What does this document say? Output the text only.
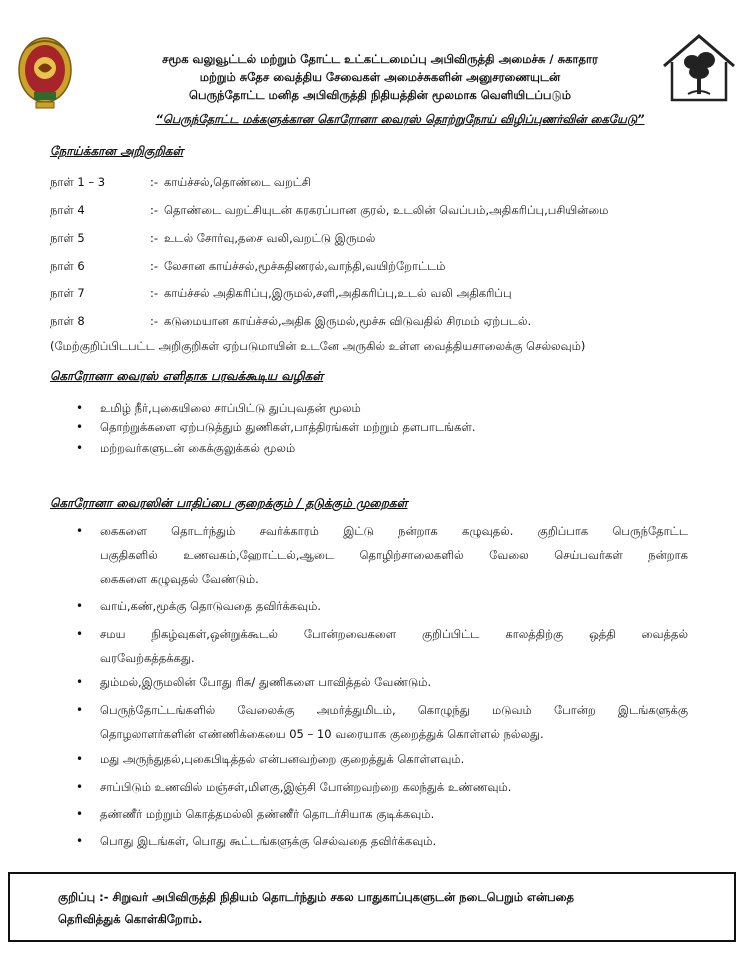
சமூக வலுவூட்டல் மற்றும் தோட்ட உட்கட்டமைப்பு அபிவிருத்தி அமைச்சு / சுகாதார
மற்றும் சுதேச வைத்திய சேவைகள் அமைச்சுகளின் அனுசரணையுடன்
பெருந்தோட்ட மனித அபிவிருத்தி நிதியத்தின் மூலமாக வெளியிடப்படும்
“பெருந்தோட்ட மக்களுக்கான கொரோனா வைரஸ் தொற்றுநோய் விழிப்புணர்வின் கையேடு”
நோய்க்கான அறிகுறிகள்
நாள் 1 – 3	:- காய்ச்சல்,தொண்டை வறட்சி
நாள் 4	:- தொண்டை வறட்சியுடன் கரகரப்பான குரல், உடலின் வெப்பம்,அதிகரிப்பு,பசியின்மை
நாள் 5	:- உடல் சோர்வு,தசை வலி,வறட்டு இருமல்
நாள் 6	:- லேசான காய்ச்சல்,மூச்சுதிணரல்,வாந்தி,வயிற்றோட்டம்
நாள் 7	:- காய்ச்சல் அதிகரிப்பு,இருமல்,சளி,அதிகரிப்பு,உடல் வலி அதிகரிப்பு
நாள் 8	:- கடுமையான காய்ச்சல்,அதிக இருமல்,மூச்சு விடுவதில் சிரமம் ஏற்படல்.
(மேற்குறிப்பிடபட்ட அறிகுறிகள் ஏற்படுமாயின் உடனே அருகில் உள்ள வைத்தியசாலைக்கு செல்லவும்)
கொரோனா வைரஸ் எளிதாக பரவக்கூடிய வழிகள்
• உமிழ் நீர்,புகையிலை சாப்பிட்டு துப்புவதன் மூலம்
• தொற்றுக்களை ஏற்படுத்தும் துணிகள்,பாத்திரங்கள் மற்றும் தளபாடங்கள்.
• மற்றவர்களுடன் கைக்குலுக்கல் மூலம்
கொரோனா வைரஸின் பாதிப்பை குறைக்கும் / தடுக்கும் முறைகள்
• கைகளை தொடர்ந்தும் சவர்க்காரம் இட்டு நன்றாக கழுவுதல். குறிப்பாக பெருந்தோட்ட
பகுதிகளில் உணவகம்,ஹோட்டல்,ஆடை தொழிற்சாலைகளில் வேலை செய்பவர்கள் நன்றாக
கைகளை கழுவுதல் வேண்டும்.
• வாய்,கண்,மூக்கு தொடுவதை தவிர்க்கவும்.
• சமய நிகழ்வுகள்,ஒன்றுக்கூடல் போன்றவைகளை குறிப்பிட்ட காலத்திற்கு ஒத்தி வைத்தல்
வரவேற்கத்தக்கது.
• தும்மல்,இருமலின் போது ரிசு/ துணிகளை பாவித்தல் வேண்டும்.
• பெருந்தோட்டங்களில் வேலைக்கு அமர்த்துமிடம், கொழுந்து மடுவம் போன்ற இடங்களுக்கு
தொழலாளர்களின் எண்ணிக்கையை 05 – 10 வரையாக குறைத்துக் கொள்ளல் நல்லது.
• மது அருந்துதல்,புகைபிடித்தல் என்பனவற்றை குறைத்துக் கொள்ளவும்.
• சாப்பிடும் உணவில் மஞ்சள்,மிளகு,இஞ்சி போன்றவற்றை கலந்துக் உண்ணவும்.
• தண்ணீர் மற்றும் கொத்தமல்லி தண்ணீர் தொடர்சியாக குடிக்கவும்.
• பொது இடங்கள், பொது கூட்டங்களுக்கு செல்வதை தவிர்க்கவும்.
குறிப்பு :- சிறுவர் அபிவிருத்தி நிதியம் தொடர்ந்தும் சகல பாதுகாப்புகளுடன் நடைபெறும் என்பதை
தெரிவித்துக் கொள்கிறோம்.
